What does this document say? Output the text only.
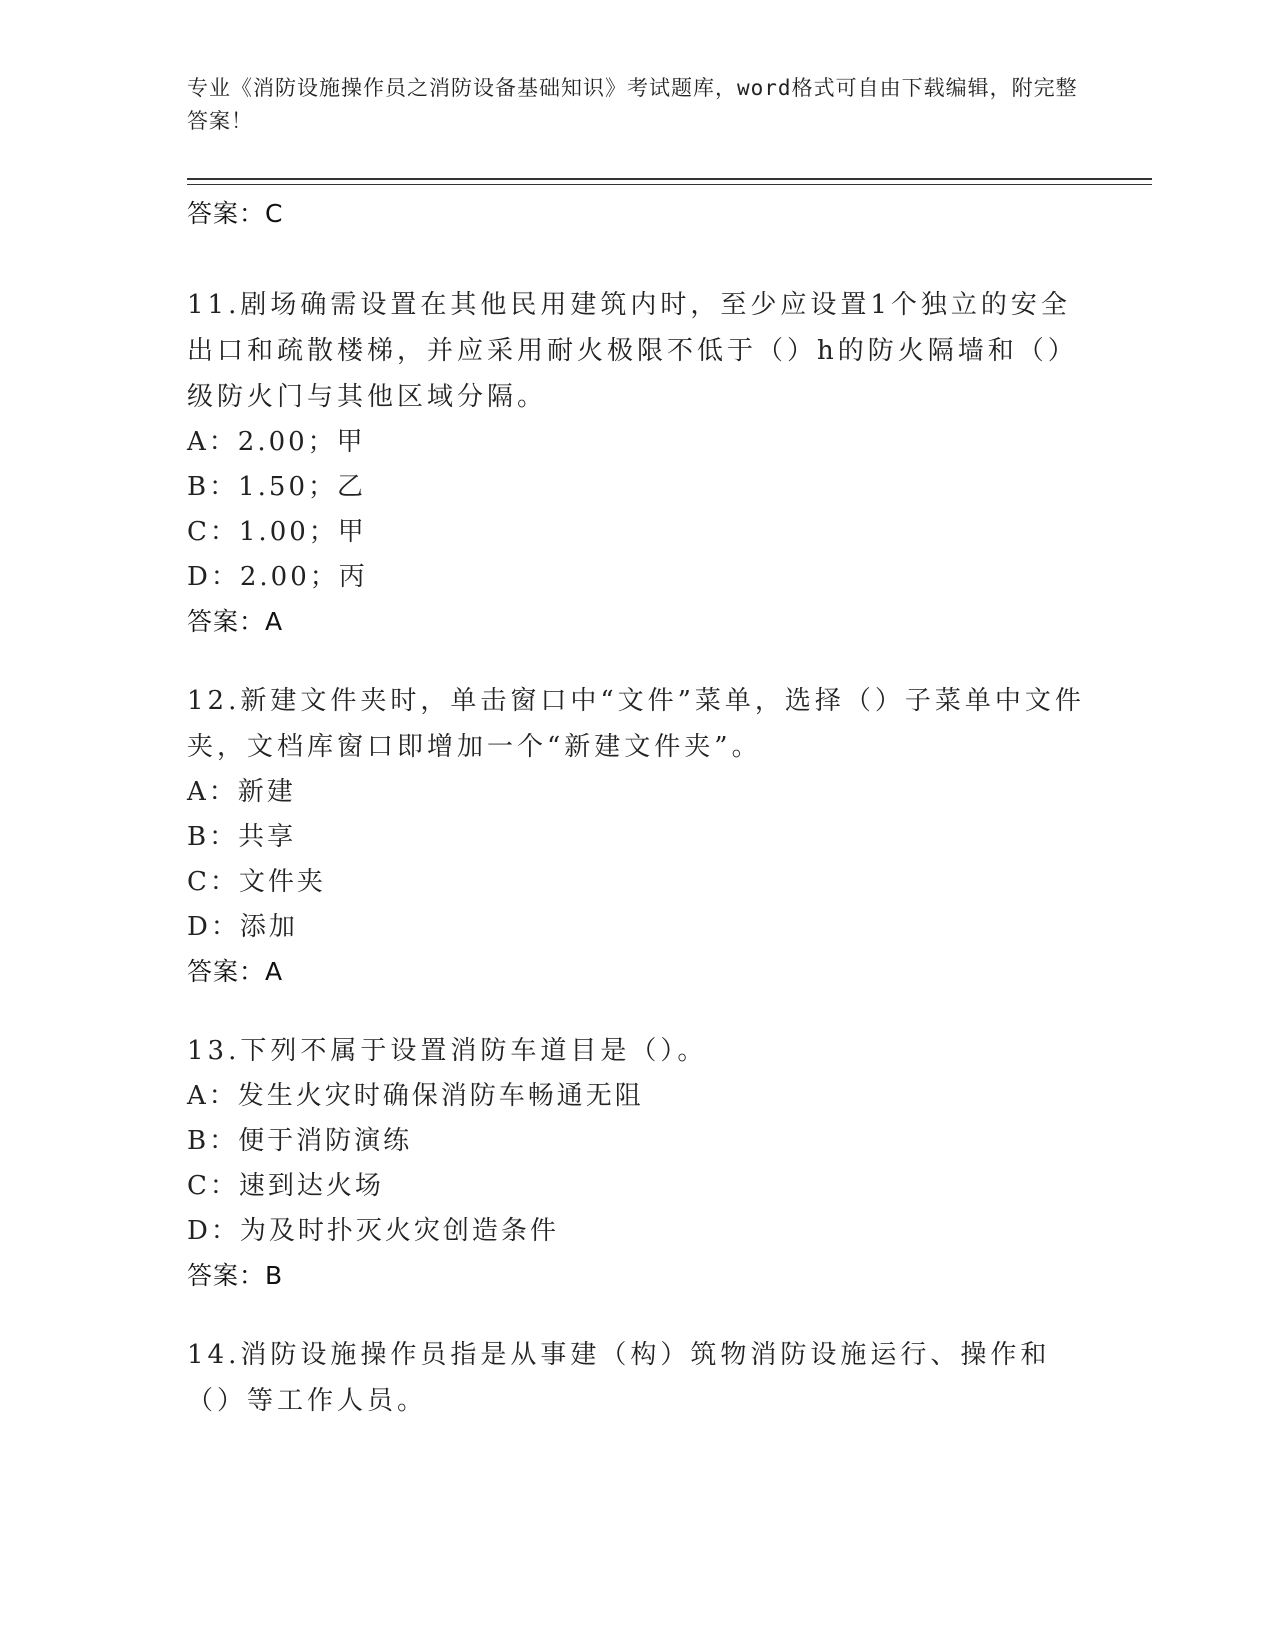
专业《消防设施操作员之消防设备基础知识》考试题库，word格式可自由下载编辑，附完整答案！
答案：C
11.剧场确需设置在其他民用建筑内时，至少应设置1个独立的安全出口和疏散楼梯，并应采用耐火极限不低于（）h的防火隔墙和（）级防火门与其他区域分隔。
A：2.00；甲
B：1.50；乙
C：1.00；甲
D：2.00；丙
答案：A
12.新建文件夹时，单击窗口中“文件”菜单，选择（）子菜单中文件夹，文档库窗口即增加一个“新建文件夹”。
A：新建
B：共享
C：文件夹
D：添加
答案：A
13.下列不属于设置消防车道目是（）。
A：发生火灾时确保消防车畅通无阻
B：便于消防演练
C：速到达火场
D：为及时扑灭火灾创造条件
答案：B
14.消防设施操作员指是从事建（构）筑物消防设施运行、操作和（）等工作人员。
